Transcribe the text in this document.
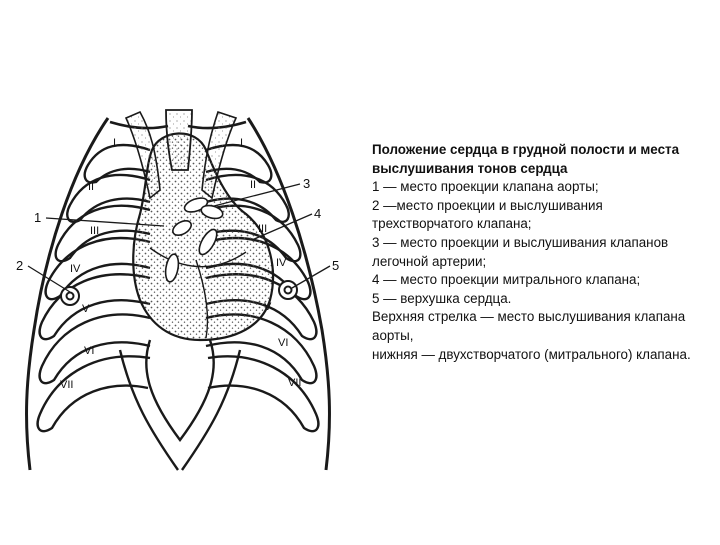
1
2
3
4
5
I
II
III
IV
V
VI
VII
I
II
III
IV
V
VI
VII
Положение сердца в грудной полости и места выслушивания тонов сердца
1 — место проекции клапана аорты;
2 —место проекции и выслушивания трехстворчатого клапана;
3 — место проекции и выслушивания клапанов легочной артерии;
4 — место проекции митрального клапана;
5 — верхушка сердца.
Верхняя стрелка — место выслушивания клапана аорты,
нижняя — двухстворчатого (митрального) клапана.
